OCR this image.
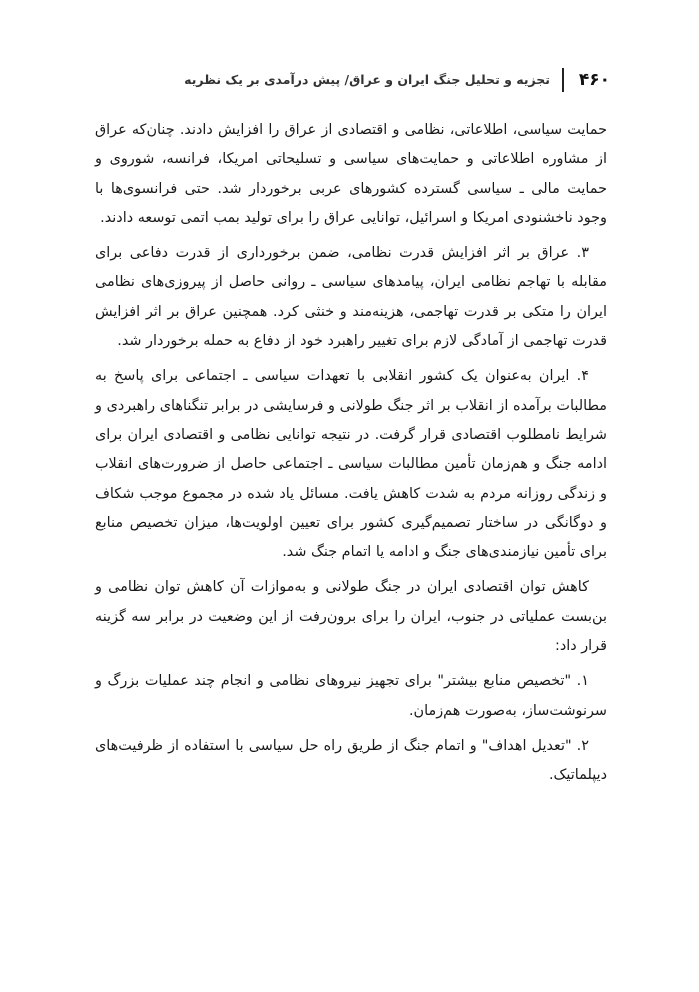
۴۶۰
تجزیه و تحلیل جنگ ایران و عراق/ پیش درآمدی بر یک نظریه

حمایت سیاسی، اطلاعاتی، نظامی و اقتصادی از عراق را افزایش دادند. چنان‌که عراق از مشاوره اطلاعاتی و حمایت‌های سیاسی و تسلیحاتی امریکا، فرانسه، شوروی و حمایت مالی ـ سیاسی گسترده کشورهای عربی برخوردار شد. حتی فرانسوی‌ها با وجود ناخشنودی امریکا و اسرائیل، توانایی عراق را برای تولید بمب اتمی توسعه دادند.

۳. عراق بر اثر افزایش قدرت نظامی، ضمن برخورداری از قدرت دفاعی برای مقابله با تهاجم نظامی ایران، پیامدهای سیاسی ـ روانی حاصل از پیروزی‌های نظامی ایران را متکی بر قدرت تهاجمی، هزینه‌مند و خنثی کرد. همچنین عراق بر اثر افزایش قدرت تهاجمی از آمادگی لازم برای تغییر راهبرد خود از دفاع به حمله برخوردار شد.

۴. ایران به‌عنوان یک کشور انقلابی با تعهدات سیاسی ـ اجتماعی برای پاسخ به مطالبات برآمده از انقلاب بر اثر جنگ طولانی و فرسایشی در برابر تنگناهای راهبردی و شرایط نامطلوب اقتصادی قرار گرفت. در نتیجه توانایی نظامی و اقتصادی ایران برای ادامه جنگ و هم‌زمان تأمین مطالبات سیاسی ـ اجتماعی حاصل از ضرورت‌های انقلاب و زندگی روزانه مردم به شدت کاهش یافت. مسائل یاد شده در مجموع موجب شکاف و دوگانگی در ساختار تصمیم‌گیری کشور برای تعیین اولویت‌ها، میزان تخصیص منابع برای تأمین نیازمندی‌های جنگ و ادامه یا اتمام جنگ شد.

کاهش توان اقتصادی ایران در جنگ طولانی و به‌موازات آن کاهش توان نظامی و بن‌بست عملیاتی در جنوب، ایران را برای برون‌رفت از این وضعیت در برابر سه گزینه قرار داد:

۱. "تخصیص منابع بیشتر" برای تجهیز نیروهای نظامی و انجام چند عملیات بزرگ و سرنوشت‌ساز، به‌صورت هم‌زمان.

۲. "تعدیل اهداف" و اتمام جنگ از طریق راه حل سیاسی با استفاده از ظرفیت‌های دیپلماتیک.
